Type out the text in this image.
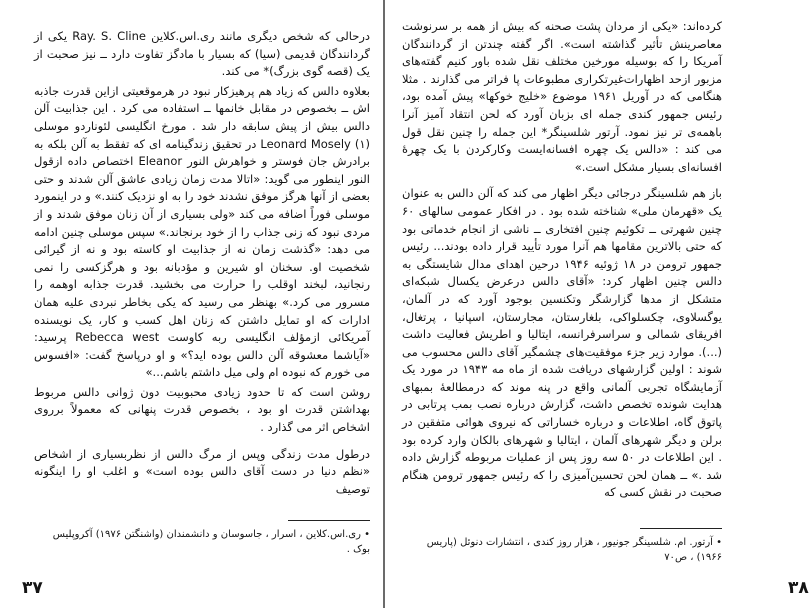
درحالی که شخص دیگری مانند ری.اس.کلاین Ray. S. Cline یکی از گردانندگان قدیمی (سیا) که بسیار با مادگز تفاوت دارد ــ نیز صحبت از یک (قصه گوی بزرگ)* می کند.

بعلاوه دالس که زیاد هم پرهیزکار نبود در هرموقعیتی ازاین قدرت جاذبه اش ــ بخصوص در مقابل خانمها ــ استفاده می کرد . این جذابیت آلن دالس بیش از پیش سابقه دار شد . مورخ انگلیسی لئوناردو موسلی Leonard Mosely (۱) در تحقیق زندگینامه ای که تفقط به آلن بلکه به برادرش جان فوستر و خواهرش النور Eleanor اختصاص داده ازقول النور اینطور می گوید: «اتالا مدت زمان زیادی عاشق آلن شدند و حتی بعضی از آنها هرگز موفق نشدند خود را به او نزدیک کنند.» و در اینمورد موسلی فوراً اضافه می کند «ولی بسیاری از آن زنان موفق شدند و از مردی نبود که زنی جذاب را از خود برنجاند.» سپس موسلی چنین ادامه می دهد: «گذشت زمان نه از جذابیت او کاسته بود و نه از گیرائی شخصیت او. سخنان او شیرین و مؤدبانه بود و هرگزکسی را نمی رنجانید، لبخند اوقلب را حرارت می بخشید. قدرت جذابه اوهمه را مسرور می کرد.» بهنظر می رسید که یکی بخاطر نبردی علیه همان ادارات که او تمایل داشتن که زنان اهل کسب و کار، یک نویسنده آمریکائی ازمؤلف انگلیسی ربه کاوست Rebecca west پرسید: «آیاشما معشوقه آلن دالس بوده اید؟» و او درپاسخ گفت: «افسوس می خورم که نبوده ام ولی میل داشتم باشم...»

روشن است که تا حدود زیادی محبوبیت دون ژوانی دالس مربوط بهداشتن قدرت او بود ، بخصوص قدرت پنهانی که معمولاً برروی اشخاص اثر می گذارد .

درطول مدت زندگی وپس از مرگ دالس از نظربسیاری از اشخاص «نظم دنیا در دست آقای دالس بوده است» و اغلب او را اینگونه توصیف

• ری.اس.کلاین ، اسرار ، جاسوسان و دانشمندان (واشنگتن ۱۹۷۶) آکروپلیس بوک .
۳۷

کرده‌اند: «یکی از مردان پشت صحنه که بیش از همه بر سرنوشت معاصرینش تأثیر گذاشته است». اگر گفته چندتن از گردانندگان آمریکا را که بوسیله مورخین مختلف نقل شده باور کنیم گفته‌های مزبور ازحد اظهارات‌غیرتکراری مطبوعات پا فراتر می گذارند . مثلا هنگامی که در آوریل ۱۹۶۱ موضوع «خلیج خوکها» پیش آمده بود، رئیس جمهور کندی جمله ای بزبان آورد که لحن انتقاد آمیز آنرا باهمه‌ی تر نیز نمود. آرتور شلسینگر* این جمله را چنین نقل قول می کند : «دالس یک چهره افسانه‌ایست وکارکردن با یک چهرهٔ افسانه‌ای بسیار مشکل است.»

باز هم شلسینگر درجائی دیگر اظهار می کند که آلن دالس به عنوان یک «قهرمان ملی» شناخته شده بود . در افکار عمومی سالهای ۶۰ چنین شهرتی ــ تکوئیم چنین افتخاری ــ ناشی از انجام خدماتی بود که حتی بالاترین مقامها هم آنرا مورد تأیید قرار داده بودند... رئیس جمهور ترومن در ۱۸ ژوئیه ۱۹۴۶ درحین اهدای مدال شایستگی به دالس چنین اظهار کرد: «آقای دالس درعرض یکسال شبکه‌ای متشکل از مدها گزارشگر وتکنسین بوجود آورد که در آلمان، یوگسلاوی، چکسلواکی، بلغارستان، مجارستان، اسپانیا ، پرتغال، افریقای شمالی و سراسرفرانسه، ایتالیا و اطریش فعالیت داشت (...). موارد زیر جزء موفقیت‌های چشمگیر آقای دالس محسوب می شوند : اولین گزارشهای دریافت شده از ماه مه ۱۹۴۳ در مورد یک آزمایشگاه تجربی آلمانی واقع در پنه موند که درمطالعهٔ بمبهای هدایت شونده تخصص داشت، گزارش درباره نصب بمب پرتابی در پاتوق گاه، اطلاعات و درباره خساراتی که نیروی هوائی متفقین در برلن و دیگر شهرهای آلمان ، ایتالیا و شهرهای بالکان وارد کرده بود . این اطلاعات در ۵۰ سه روز پس از عملیات مربوطه گزارش داده شد .» ــ همان لحن تحسین‌آمیزی را که رئیس جمهور ترومن هنگام صحبت در نقش کسی که

• آرتور. ام. شلسینگر جونیور ، هزار روز کندی ، انتشارات دنوئل (پاریس ۱۹۶۶) ، ص۷۰
۳۸
